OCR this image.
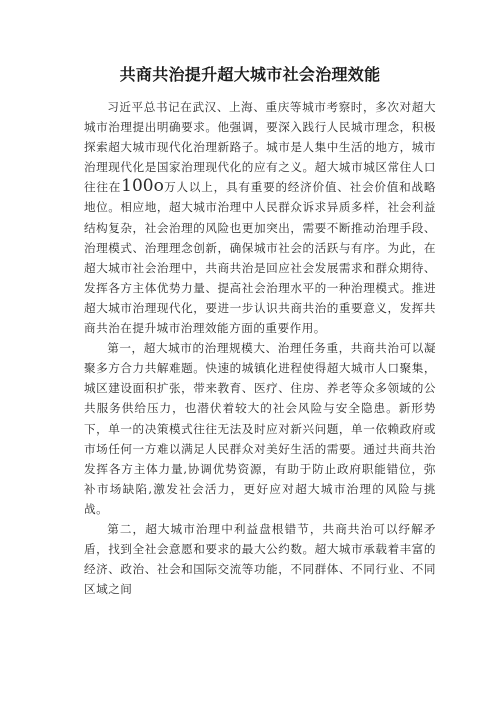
共商共治提升超大城市社会治理效能

习近平总书记在武汉、上海、重庆等城市考察时，多次对超大城市治理提出明确要求。他强调，要深入践行人民城市理念，积极探索超大城市现代化治理新路子。城市是人集中生活的地方，城市治理现代化是国家治理现代化的应有之义。超大城市城区常住人口往往在100o万人以上，具有重要的经济价值、社会价值和战略地位。相应地，超大城市治理中人民群众诉求异质多样，社会利益结构复杂，社会治理的风险也更加突出，需要不断推动治理手段、治理模式、治理理念创新，确保城市社会的活跃与有序。为此，在超大城市社会治理中，共商共治是回应社会发展需求和群众期待、发挥各方主体优势力量、提高社会治理水平的一种治理模式。推进超大城市治理现代化，要进一步认识共商共治的重要意义，发挥共商共治在提升城市治理效能方面的重要作用。

第一，超大城市的治理规模大、治理任务重，共商共治可以凝聚多方合力共解难题。快速的城镇化进程使得超大城市人口聚集，城区建设面积扩张，带来教育、医疗、住房、养老等众多领域的公共服务供给压力，也潜伏着较大的社会风险与安全隐患。新形势下，单一的决策模式往往无法及时应对新兴问题，单一依赖政府或市场任何一方难以满足人民群众对美好生活的需要。通过共商共治发挥各方主体力量,协调优势资源，有助于防止政府职能错位，弥补市场缺陷,激发社会活力，更好应对超大城市治理的风险与挑战。

第二，超大城市治理中利益盘根错节，共商共治可以纾解矛盾，找到全社会意愿和要求的最大公约数。超大城市承载着丰富的经济、政治、社会和国际交流等功能，不同群体、不同行业、不同区域之间
